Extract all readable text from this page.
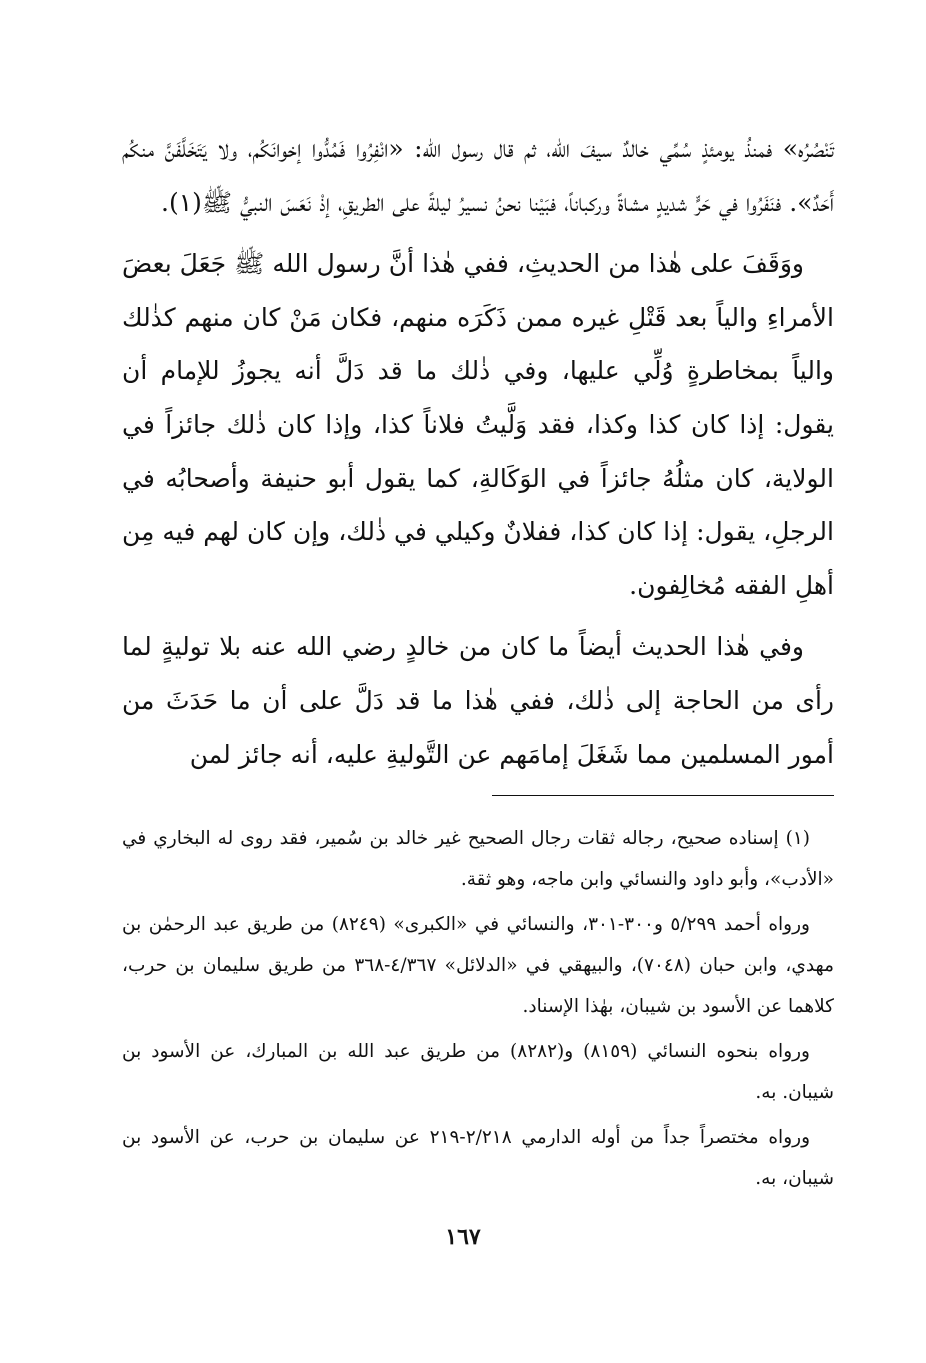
تَنْصُرُه» فمنذُ يومئذٍ سُمِّي خالدٌ سيفَ الله، ثم قال رسول الله: «انْفِرُوا فَمُدُّوا إخوانَكُم، ولا يَتَخَلَّفَنَّ منكُم أَحَدٌ». فنَفَرُوا في حَرٍّ شديدٍ مشاةً وركباناً، فبَيْنا نحنُ نسيرُ ليلةً على الطريقِ، إذْ نَعَسَ النبيُّ ﷺ(١).

ووَقَفَ على هٰذا من الحديثِ، ففي هٰذا أنَّ رسول الله ﷺ جَعَلَ بعضَ الأمراءِ والياً بعد قَتْلِ غيره ممن ذَكَرَه منهم، فكان مَنْ كان منهم كذٰلك والياً بمخاطرةٍ وُلِّي عليها، وفي ذٰلك ما قد دَلَّ أنه يجوزُ للإمام أن يقول: إذا كان كذا وكذا، فقد وَلَّيتُ فلاناً كذا، وإذا كان ذٰلك جائزاً في الولاية، كان مثلُهُ جائزاً في الوَكَالةِ، كما يقول أبو حنيفة وأصحابُه في الرجلِ، يقول: إذا كان كذا، ففلانٌ وكيلي في ذٰلك، وإن كان لهم فيه مِن أهلِ الفقه مُخالِفون.

وفي هٰذا الحديث أيضاً ما كان من خالدٍ رضي الله عنه بلا توليةٍ لما رأى من الحاجة إلى ذٰلك، ففي هٰذا ما قد دَلَّ على أن ما حَدَثَ من أمور المسلمين مما شَغَلَ إمامَهم عن التَّوليةِ عليه، أنه جائز لمن

(١) إسناده صحيح، رجاله ثقات رجال الصحيح غير خالد بن سُمير، فقد روى له البخاري في «الأدب»، وأبو داود والنسائي وابن ماجه، وهو ثقة.

ورواه أحمد ٥/٢٩٩ و٣٠٠-٣٠١، والنسائي في «الكبرى» (٨٢٤٩) من طريق عبد الرحمٰن بن مهدي، وابن حبان (٧٠٤٨)، والبيهقي في «الدلائل» ٤/٣٦٧-٣٦٨ من طريق سليمان بن حرب، كلاهما عن الأسود بن شيبان، بهٰذا الإسناد.

ورواه بنحوه النسائي (٨١٥٩) و(٨٢٨٢) من طريق عبد الله بن المبارك، عن الأسود بن شيبان. به.

ورواه مختصراً جداً من أوله الدارمي ٢/٢١٨-٢١٩ عن سليمان بن حرب، عن الأسود بن شيبان، به.

١٦٧
